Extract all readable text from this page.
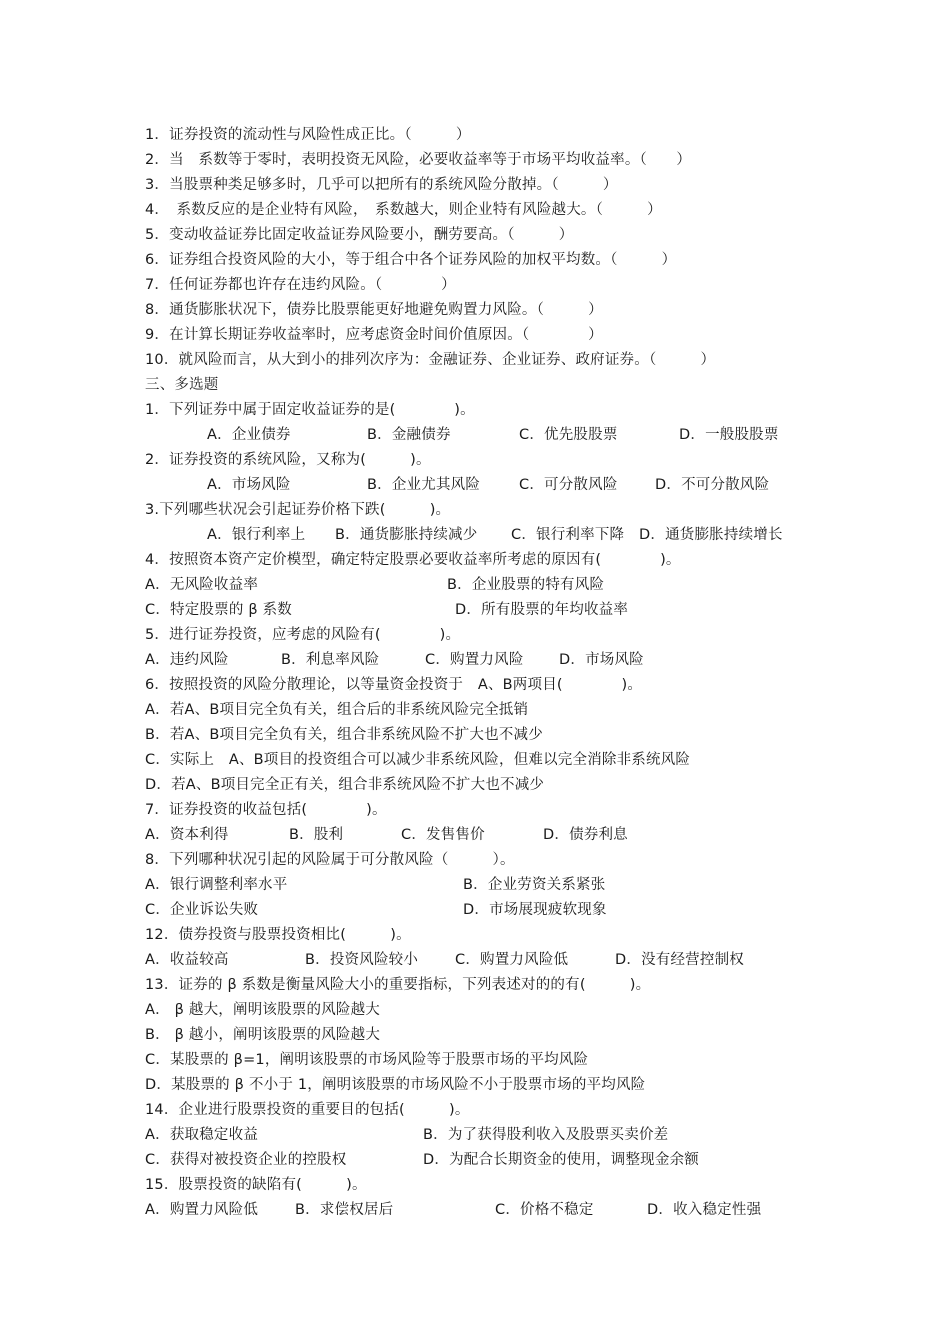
1．证券投资的流动性与风险性成正比。（　　　）
2．当　系数等于零时，表明投资无风险，必要收益率等于市场平均收益率。（　　）
3．当股票种类足够多时，几乎可以把所有的系统风险分散掉。（　　　）
4．　系数反应的是企业特有风险，　系数越大，则企业特有风险越大。（　　　）
5．变动收益证券比固定收益证券风险要小，酬劳要高。（　　　）
6．证券组合投资风险的大小，等于组合中各个证券风险的加权平均数。（　　　）
7．任何证券都也许存在违约风险。（　　　　）
8．通货膨胀状况下，债券比股票能更好地避免购置力风险。（　　　）
9．在计算长期证券收益率时，应考虑资金时间价值原因。（　　　　）
10．就风险而言，从大到小的排列次序为：金融证券、企业证券、政府证券。（　　　）
三、多选题
1．下列证券中属于固定收益证券的是(　　　　)。
A．企业债券	B．金融债券	C．优先股股票	D．一般股股票
2．证券投资的系统风险，又称为(　　　)。
A．市场风险	B．企业尤其风险	C．可分散风险	D．不可分散风险
3.下列哪些状况会引起证券价格下跌(　　　)。
A．银行利率上 B．通货膨胀持续减少 C．银行利率下降 D．通货膨胀持续增长
4．按照资本资产定价模型，确定特定股票必要收益率所考虑的原因有(　　　　)。
A．无风险收益率	B．企业股票的特有风险
C．特定股票的 β 系数	D．所有股票的年均收益率
5．进行证券投资，应考虑的风险有(　　　　)。
A．违约风险	B．利息率风险	C．购置力风险 D．市场风险
6．按照投资的风险分散理论，以等量资金投资于　A、B两项目(　　　　)。
A．若A、B项目完全负有关，组合后的非系统风险完全抵销
B．若A、B项目完全负有关，组合非系统风险不扩大也不减少
C．实际上　A、B项目的投资组合可以减少非系统风险，但难以完全消除非系统风险
D．若A、B项目完全正有关，组合非系统风险不扩大也不减少
7．证券投资的收益包括(　　　　)。
A．资本利得	B．股利	C．发售售价	D．债券利息
8．下列哪种状况引起的风险属于可分散风险（　　　）。
A．银行调整利率水平	B．企业劳资关系紧张
C．企业诉讼失败	D．市场展现疲软现象
12．债券投资与股票投资相比(　　　)。
A．收益较高	B．投资风险较小	C．购置力风险低	D．没有经营控制权
13．证券的 β 系数是衡量风险大小的重要指标，下列表述对的的有(　　　)。
A． β 越大，阐明该股票的风险越大
B． β 越小，阐明该股票的风险越大
C．某股票的 β=1，阐明该股票的市场风险等于股票市场的平均风险
D．某股票的 β 不小于 1，阐明该股票的市场风险不小于股票市场的平均风险
14．企业进行股票投资的重要目的包括(　　　)。
A．获取稳定收益	B．为了获得股利收入及股票买卖价差
C．获得对被投资企业的控股权	D．为配合长期资金的使用，调整现金余额
15．股票投资的缺陷有(　　　)。
A．购置力风险低	B．求偿权居后	C．价格不稳定	D．收入稳定性强
